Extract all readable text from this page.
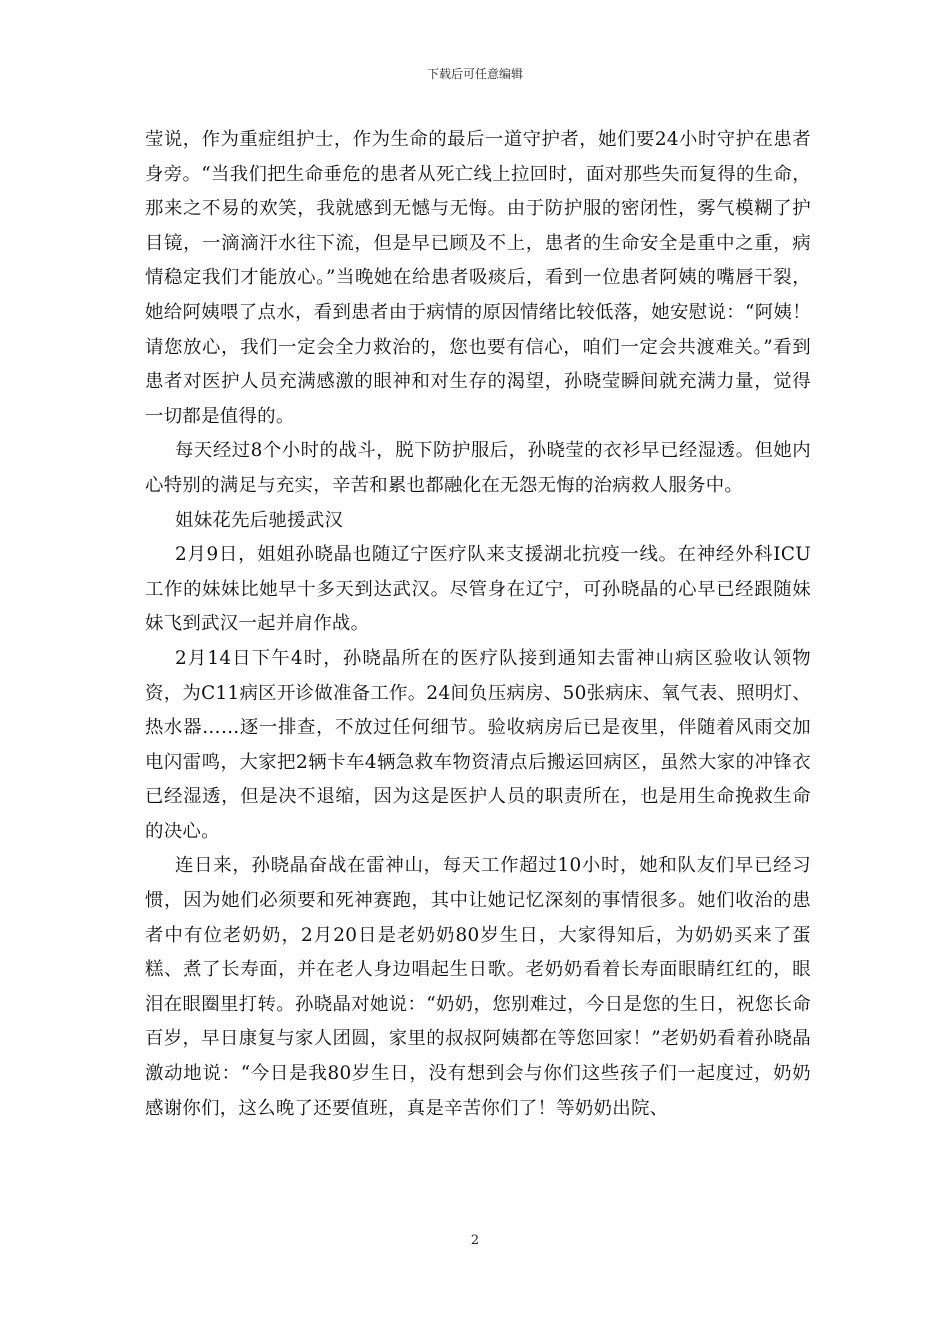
下载后可任意编辑

莹说，作为重症组护士，作为生命的最后一道守护者，她们要24小时守护在患者身旁。“当我们把生命垂危的患者从死亡线上拉回时，面对那些失而复得的生命，那来之不易的欢笑，我就感到无憾与无悔。由于防护服的密闭性，雾气模糊了护目镜，一滴滴汗水往下流，但是早已顾及不上，患者的生命安全是重中之重，病情稳定我们才能放心。”当晚她在给患者吸痰后，看到一位患者阿姨的嘴唇干裂，她给阿姨喂了点水，看到患者由于病情的原因情绪比较低落，她安慰说：“阿姨！请您放心，我们一定会全力救治的，您也要有信心，咱们一定会共渡难关。”看到患者对医护人员充满感激的眼神和对生存的渴望，孙晓莹瞬间就充满力量，觉得一切都是值得的。

每天经过8个小时的战斗，脱下防护服后，孙晓莹的衣衫早已经湿透。但她内心特别的满足与充实，辛苦和累也都融化在无怨无悔的治病救人服务中。

姐妹花先后驰援武汉

2月9日，姐姐孙晓晶也随辽宁医疗队来支援湖北抗疫一线。在神经外科ICU工作的妹妹比她早十多天到达武汉。尽管身在辽宁，可孙晓晶的心早已经跟随妹妹飞到武汉一起并肩作战。

2月14日下午4时，孙晓晶所在的医疗队接到通知去雷神山病区验收认领物资，为C11病区开诊做准备工作。24间负压病房、50张病床、氧气表、照明灯、热水器……逐一排查，不放过任何细节。验收病房后已是夜里，伴随着风雨交加电闪雷鸣，大家把2辆卡车4辆急救车物资清点后搬运回病区，虽然大家的冲锋衣已经湿透，但是决不退缩，因为这是医护人员的职责所在，也是用生命挽救生命的决心。

连日来，孙晓晶奋战在雷神山，每天工作超过10小时，她和队友们早已经习惯，因为她们必须要和死神赛跑，其中让她记忆深刻的事情很多。她们收治的患者中有位老奶奶，2月20日是老奶奶80岁生日，大家得知后，为奶奶买来了蛋糕、煮了长寿面，并在老人身边唱起生日歌。老奶奶看着长寿面眼睛红红的，眼泪在眼圈里打转。孙晓晶对她说：“奶奶，您别难过，今日是您的生日，祝您长命百岁，早日康复与家人团圆，家里的叔叔阿姨都在等您回家！”老奶奶看着孙晓晶激动地说：“今日是我80岁生日，没有想到会与你们这些孩子们一起度过，奶奶感谢你们，这么晚了还要值班，真是辛苦你们了！等奶奶出院、

2
